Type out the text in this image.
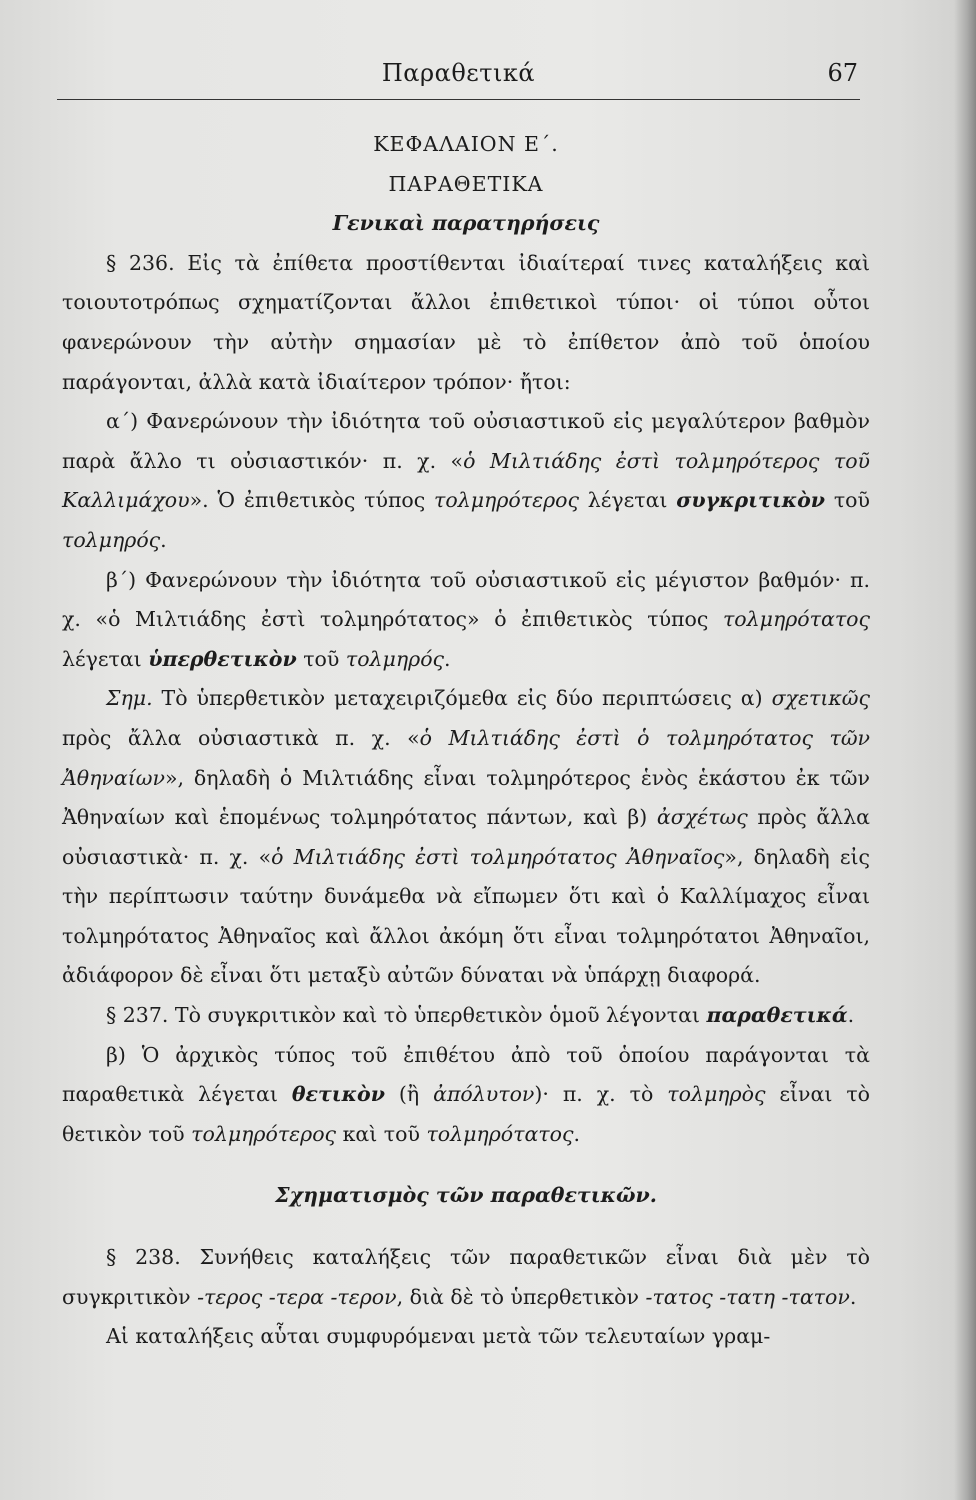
Παραθετικά	67

ΚΕΦΑΛΑΙΟΝ Ε΄.

ΠΑΡΑΘΕΤΙΚΑ

Γενικαὶ παρατηρήσεις

§ 236. Εἰς τὰ ἐπίθετα προστίθενται ἰδιαίτεραί τινες καταλήξεις καὶ τοιουτοτρόπως σχηματίζονται ἄλλοι ἐπιθετικοὶ τύποι· οἱ τύποι οὗτοι φανερώνουν τὴν αὐτὴν σημασίαν μὲ τὸ ἐπίθετον ἀπὸ τοῦ ὁποίου παράγονται, ἀλλὰ κατὰ ἰδιαίτερον τρόπον· ἤτοι:

α΄) Φανερώνουν τὴν ἰδιότητα τοῦ οὐσιαστικοῦ εἰς μεγαλύτερον βαθμὸν παρὰ ἄλλο τι οὐσιαστικόν· π. χ. «ὁ Μιλτιάδης ἐστὶ τολμηρότερος τοῦ Καλλιμάχου». Ὁ ἐπιθετικὸς τύπος τολμηρότερος λέγεται συγκριτικὸν τοῦ τολμηρός.

β΄) Φανερώνουν τὴν ἰδιότητα τοῦ οὐσιαστικοῦ εἰς μέγιστον βαθμόν· π. χ. «ὁ Μιλτιάδης ἐστὶ τολμηρότατος» ὁ ἐπιθετικὸς τύπος τολμηρότατος λέγεται ὑπερθετικὸν τοῦ τολμηρός.

Σημ. Τὸ ὑπερθετικὸν μεταχειριζόμεθα εἰς δύο περιπτώσεις α) σχετικῶς πρὸς ἄλλα οὐσιαστικὰ π. χ. «ὁ Μιλτιάδης ἐστὶ ὁ τολμηρότατος τῶν Ἀθηναίων», δηλαδὴ ὁ Μιλτιάδης εἶναι τολμηρότερος ἑνὸς ἑκάστου ἐκ τῶν Ἀθηναίων καὶ ἑπομένως τολμηρότατος πάντων, καὶ β) ἀσχέτως πρὸς ἄλλα οὐσιαστικὰ· π. χ. «ὁ Μιλτιάδης ἐστὶ τολμηρότατος Ἀθηναῖος», δηλαδὴ εἰς τὴν περίπτωσιν ταύτην δυνάμεθα νὰ εἴπωμεν ὅτι καὶ ὁ Καλλίμαχος εἶναι τολμηρότατος Ἀθηναῖος καὶ ἄλλοι ἀκόμη ὅτι εἶναι τολμηρότατοι Ἀθηναῖοι, ἀδιάφορον δὲ εἶναι ὅτι μεταξὺ αὐτῶν δύναται νὰ ὑπάρχῃ διαφορά.

§ 237. Τὸ συγκριτικὸν καὶ τὸ ὑπερθετικὸν ὁμοῦ λέγονται παραθετικά.

β) Ὁ ἀρχικὸς τύπος τοῦ ἐπιθέτου ἀπὸ τοῦ ὁποίου παράγονται τὰ παραθετικὰ λέγεται θετικὸν (ἢ ἀπόλυτον)· π. χ. τὸ τολμηρὸς εἶναι τὸ θετικὸν τοῦ τολμηρότερος καὶ τοῦ τολμηρότατος.

Σχηματισμὸς τῶν παραθετικῶν.

§ 238. Συνήθεις καταλήξεις τῶν παραθετικῶν εἶναι διὰ μὲν τὸ συγκριτικὸν -τερος -τερα -τερον, διὰ δὲ τὸ ὑπερθετικὸν -τατος -τατη -τατον.

Αἱ καταλήξεις αὗται συμφυρόμεναι μετὰ τῶν τελευταίων γραμ-
